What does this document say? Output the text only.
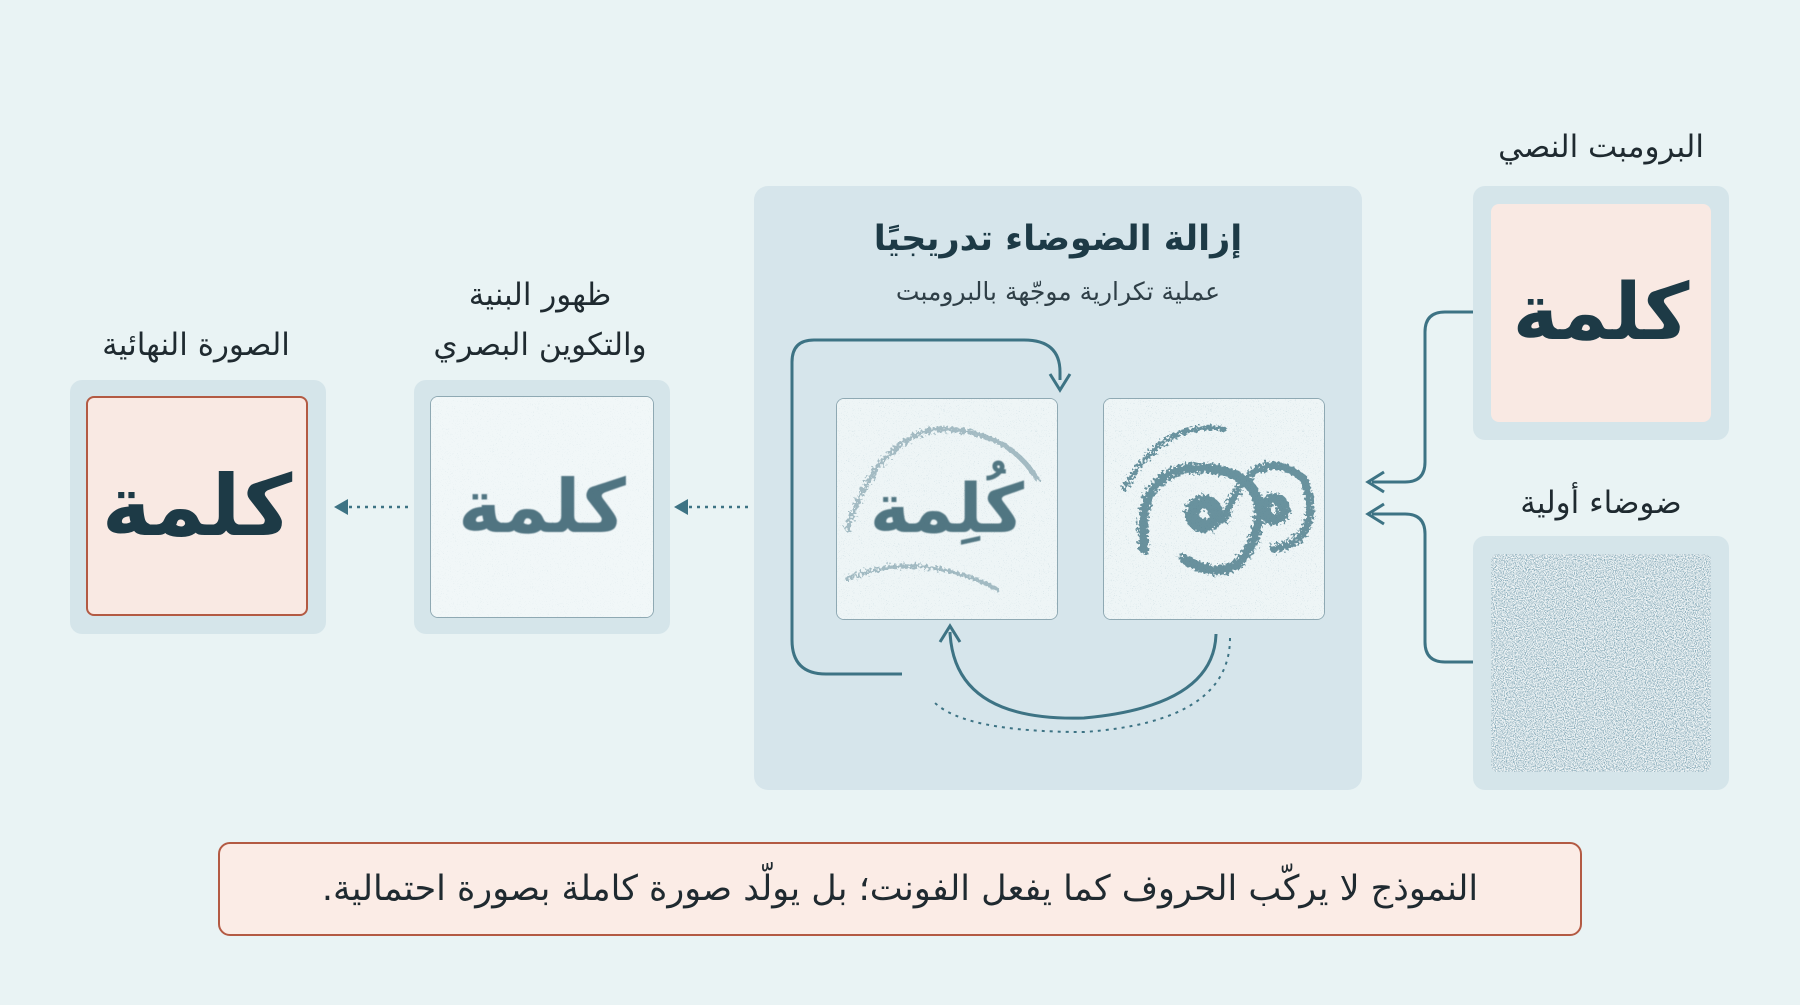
إزالة الضوضاء تدريجيًا
عملية تكرارية موجّهة بالبرومبت
كُلِمة
البرومبت النصي
كلمة
ضوضاء أولية
ظهور البنية
والتكوين البصري
كلمة
الصورة النهائية
كلمة
النموذج لا يركّب الحروف كما يفعل الفونت؛ بل يولّد صورة كاملة بصورة احتمالية.
